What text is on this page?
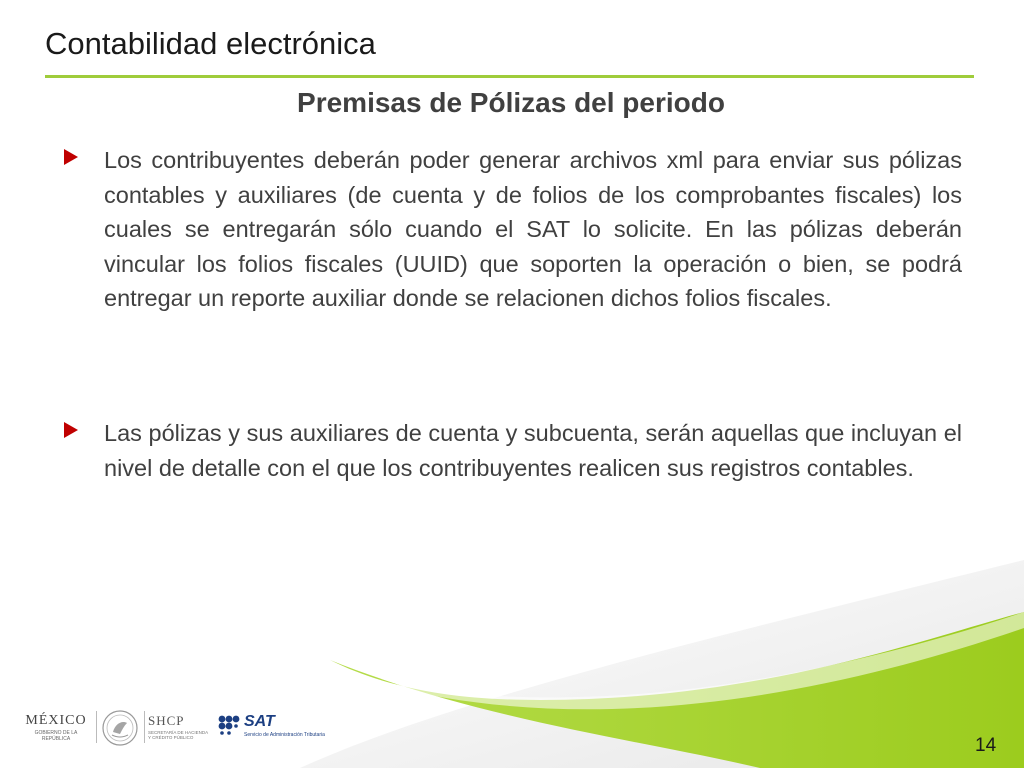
Contabilidad electrónica
Premisas de Pólizas del periodo
Los contribuyentes deberán poder generar archivos xml para enviar sus pólizas contables y auxiliares (de cuenta y de folios de los comprobantes fiscales) los cuales se entregarán sólo cuando el SAT lo solicite. En las pólizas deberán vincular los folios fiscales (UUID) que soporten la operación o bien, se podrá entregar un reporte auxiliar donde se relacionen dichos folios fiscales.
Las pólizas y sus auxiliares de cuenta y subcuenta, serán aquellas que incluyan el nivel de detalle con el que los contribuyentes realicen sus registros contables.
MÉXICO
GOBIERNO DE LA REPÚBLICA
SHCP
SECRETARÍA DE HACIENDA Y CRÉDITO PÚBLICO
SAT
Servicio de Administración Tributaria	14
